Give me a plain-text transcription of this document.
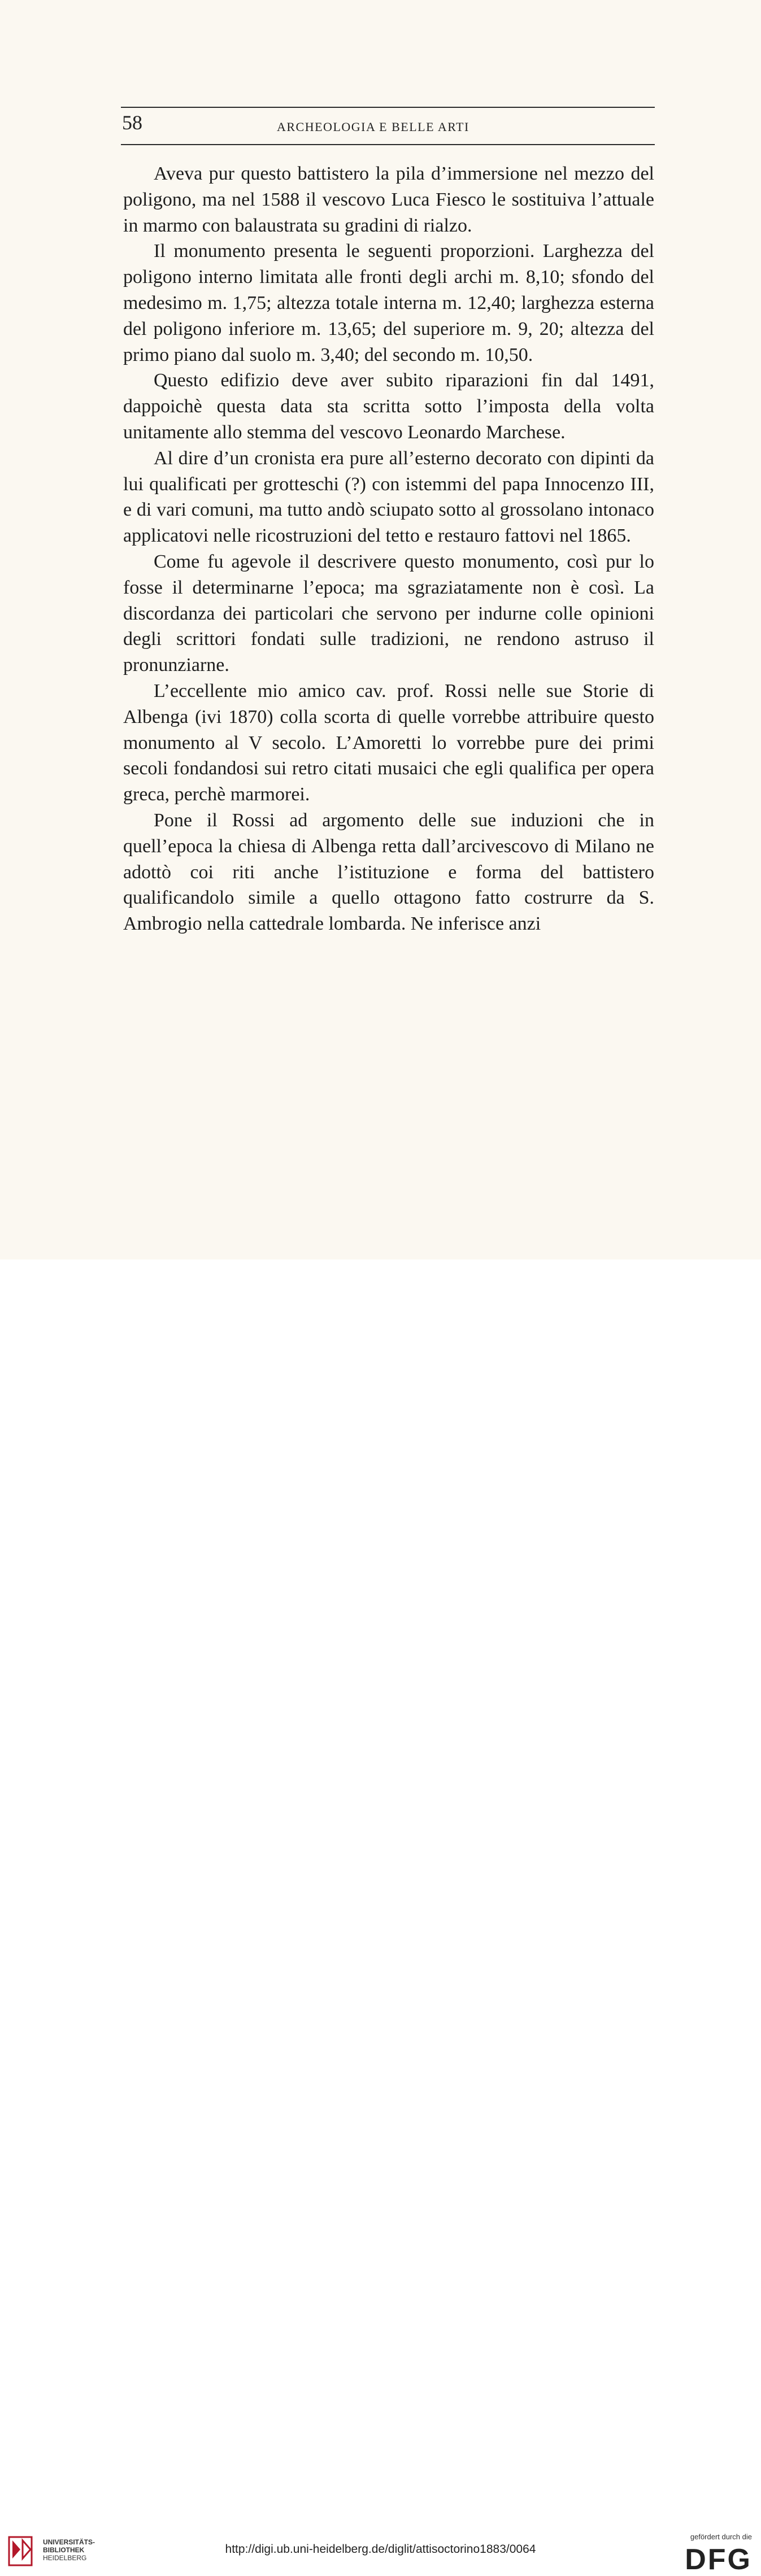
58	ARCHEOLOGIA E BELLE ARTI

Aveva pur questo battistero la pila d’immersione nel mezzo del poligono, ma nel 1588 il vescovo Luca Fiesco le sostituiva l’attuale in marmo con balaustrata su gradini di rialzo.

Il monumento presenta le seguenti proporzioni. Larghezza del poligono interno limitata alle fronti degli archi m. 8,10; sfondo del medesimo m. 1,75; altezza totale interna m. 12,40; larghezza esterna del poligono inferiore m. 13,65; del superiore m. 9, 20; altezza del primo piano dal suolo m. 3,40; del secondo m. 10,50.

Questo edifizio deve aver subito riparazioni fin dal 1491, dappoichè questa data sta scritta sotto l’imposta della volta unitamente allo stemma del vescovo Leonardo Marchese.

Al dire d’un cronista era pure all’esterno decorato con dipinti da lui qualificati per grotteschi (?) con istemmi del papa Innocenzo III, e di vari comuni, ma tutto andò sciupato sotto al grossolano intonaco applicatovi nelle ricostruzioni del tetto e restauro fattovi nel 1865.

Come fu agevole il descrivere questo monumento, così pur lo fosse il determinarne l’epoca; ma sgraziatamente non è così. La discordanza dei particolari che servono per indurne colle opinioni degli scrittori fondati sulle tradizioni, ne rendono astruso il pronunziarne.

L’eccellente mio amico cav. prof. Rossi nelle sue Storie di Albenga (ivi 1870) colla scorta di quelle vorrebbe attribuire questo monumento al V secolo. L’Amoretti lo vorrebbe pure dei primi secoli fondandosi sui retro citati musaici che egli qualifica per opera greca, perchè marmorei.

Pone il Rossi ad argomento delle sue induzioni che in quell’epoca la chiesa di Albenga retta dall’arcivescovo di Milano ne adottò coi riti anche l’istituzione e forma del battistero qualificandolo simile a quello ottagono fatto costrurre da S. Ambrogio nella cattedrale lombarda. Ne inferisce anzi

UNIVERSITÄTS-
BIBLIOTHEK
HEIDELBERG
http://digi.ub.uni-heidelberg.de/diglit/attisoctorino1883/0064
gefördert durch die
DFG
